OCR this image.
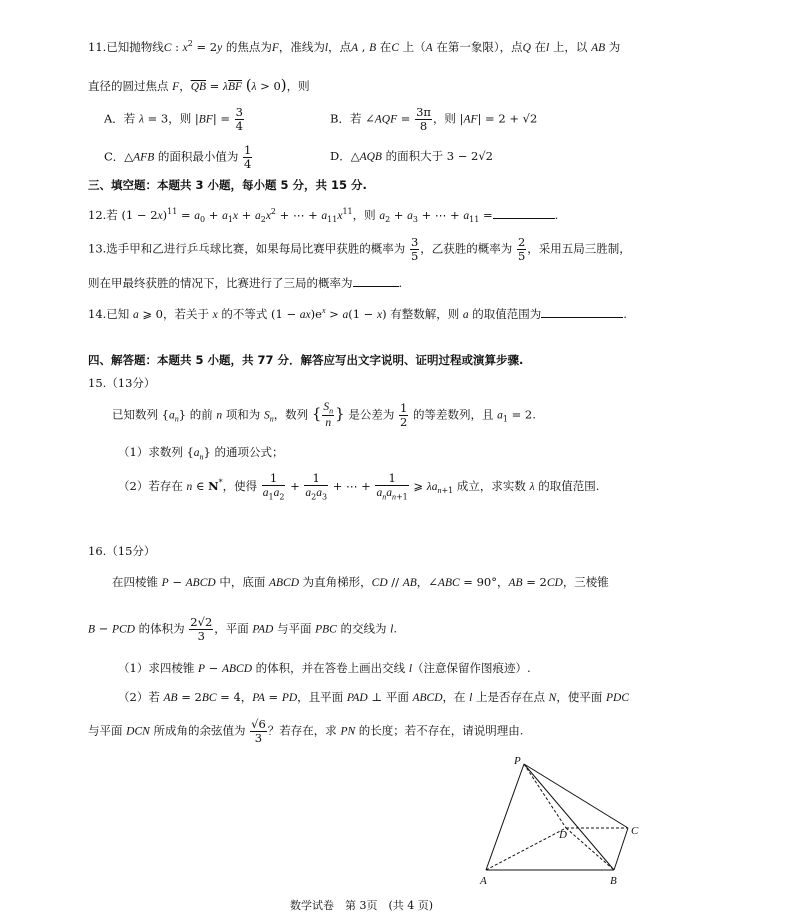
11.已知抛物线C : $x^2 = 2y$ 的焦点为F，准线为l，点A , B 在C 上（A 在第一象限），点Q 在l 上，以 AB 为
直径的圆过焦点 F，$\overline{QB} = \lambda\overline{BF}$ (λ > 0)，则
A．若 λ = 3，则 $|BF| = \frac{3}{4}$	B．若 ∠AQF = $\frac{3\pi}{8}$ ，则 |AF| = 2 + √2
C．△AFB 的面积最小值为 $\frac{1}{4}$	D．△AQB 的面积大于 3 − 2√2
三、填空题：本题共 3 小题，每小题 5 分，共 15 分.
12.若 $(1 - 2x)^{11} = a_0 + a_1x + a_2x^2$ + ⋯ + $a_{11}x^{11}$，则 $a_2 + a_3$ + ⋯ + $a_{11}$ =	.
13.选手甲和乙进行乒乓球比赛，如果每局比赛甲获胜的概率为 $\frac{3}{5}$ ，乙获胜的概率为 $\frac{2}{5}$ ，采用五局三胜制，
则在甲最终获胜的情况下，比赛进行了三局的概率为	.
14.已知 a ⩾ 0，若关于 x 的不等式 $(1 - ax)e^x > a(1 - x)$ 有整数解，则 a 的取值范围为	.
四、解答题：本题共 5 小题，共 77 分．解答应写出文字说明、证明过程或演算步骤.
15.（13分）
已知数列 $\{a_n\}$ 的前 n 项和为 $S_n$，数列 { $\frac{S_n}{n}$ } 是公差为 $\frac{1}{2}$ 的等差数列，且 $a_1 = 2$.
（1）求数列 $\{a_n\}$ 的通项公式；
（2）若存在 n ∈ N*，使得 $\frac{1}{a_1a_2} + \frac{1}{a_2a_3}$ + ⋯ + $\frac{1}{a_na_{n+1}}$ ⩾ $\lambda a_{n+1}$ 成立，求实数 λ 的取值范围.
16.（15分）
在四棱锥 P − ABCD 中，底面 ABCD 为直角梯形，CD // AB，∠ABC = 90°，AB = 2CD，三棱锥
B − PCD 的体积为 $\frac{2√2}{3}$ ，平面 PAD 与平面 PBC 的交线为 l.
（1）求四棱锥 P − ABCD 的体积，并在答卷上画出交线 l（注意保留作图痕迹）.
（2）若 AB = 2BC = 4，PA = PD，且平面 PAD ⊥ 平面 ABCD，在 l 上是否存在点 N，使平面 PDC
与平面 DCN 所成角的余弦值为 $\frac{√6}{3}$ ？若存在，求 PN 的长度；若不存在，请说明理由.
P
D	C
A	B
数学试卷　第 3页　(共 4 页)
